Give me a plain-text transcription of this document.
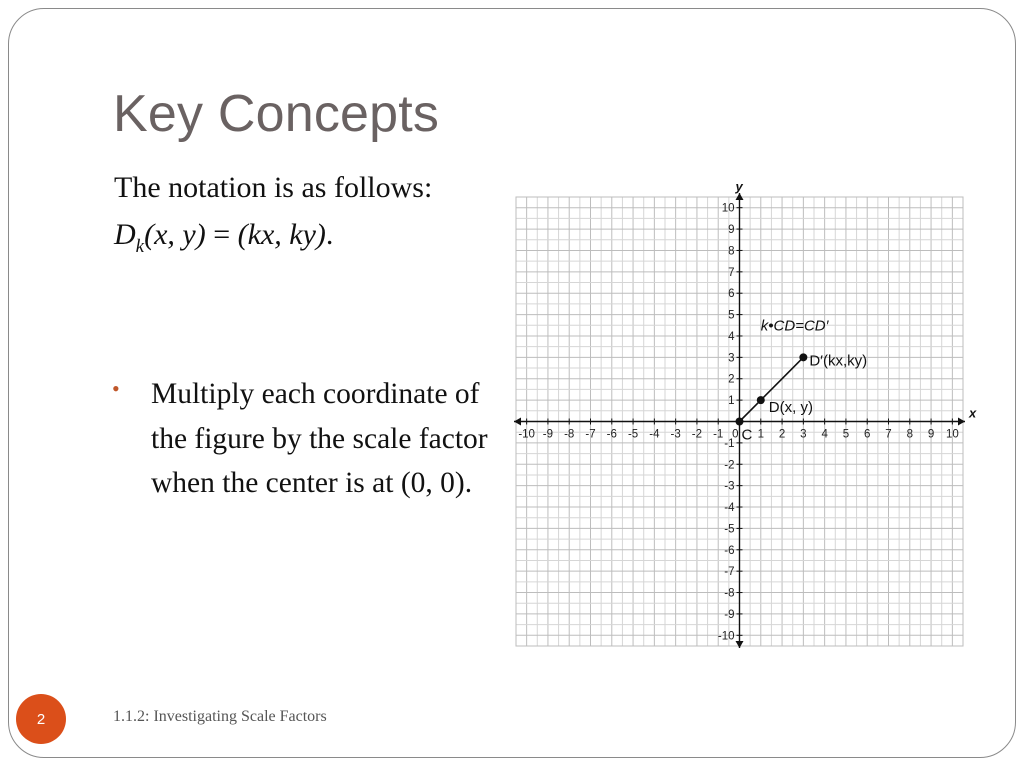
Key Concepts
The notation is as follows:
$D_k(x$, y) = (kx, ky).
• Multiply each coordinate of the figure by the scale factor when the center is at (0, 0).
x
y
-10 -9 -8 -7 -6 -5 -4 -3 -2 -1	1 2 3 4 5 6 7 8 9 10
-10
-9
-8
-7
-6
-5
-4
-3
-2
-1
1
2
3
4
5
6
7
8
9
10
0 C
D(x, y)
D′(kx,ky)
k•CD=CD′
2	1.1.2: Investigating Scale Factors
